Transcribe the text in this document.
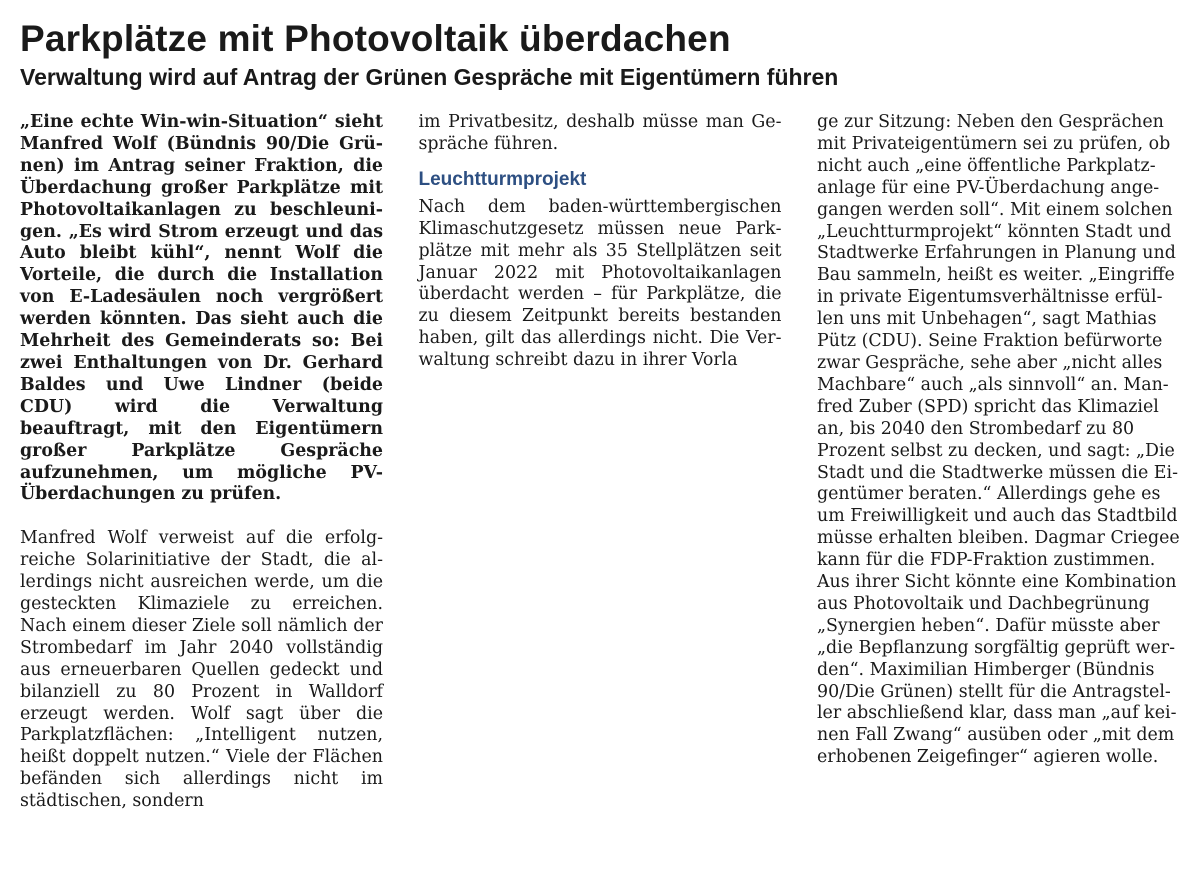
Parkplätze mit Photovoltaik überdachen
Verwaltung wird auf Antrag der Grünen Gespräche mit Eigentümern führen

„Eine echte Win-win-Situation“ sieht Manfred Wolf (Bündnis 90/Die Grünen) im Antrag seiner Fraktion, die Überdachung großer Parkplätze mit Photovoltaikanlagen zu beschleunigen. „Es wird Strom erzeugt und das Auto bleibt kühl“, nennt Wolf die Vorteile, die durch die Installation von E-Ladesäulen noch vergrößert werden könnten. Das sieht auch die Mehrheit des Gemeinderats so: Bei zwei Enthaltungen von Dr. Gerhard Baldes und Uwe Lindner (beide CDU) wird die Verwaltung beauftragt, mit den Eigentümern großer Parkplätze Gespräche aufzunehmen, um mögliche PV-Überdachungen zu prüfen.

Manfred Wolf verweist auf die erfolgreiche Solarinitiative der Stadt, die allerdings nicht ausreichen werde, um die gesteckten Klimaziele zu erreichen. Nach einem dieser Ziele soll nämlich der Strombedarf im Jahr 2040 vollständig aus erneuerbaren Quellen gedeckt und bilanziell zu 80 Prozent in Walldorf erzeugt werden. Wolf sagt über die Parkplatzflächen: „Intelligent nutzen, heißt doppelt nutzen.“ Viele der Flächen befänden sich allerdings nicht im städtischen, sondern

im Privatbesitz, deshalb müsse man Gespräche führen.

Leuchtturmprojekt

Nach dem baden-württembergischen Klimaschutzgesetz müssen neue Parkplätze mit mehr als 35 Stellplätzen seit Januar 2022 mit Photovoltaikanlagen überdacht werden – für Parkplätze, die zu diesem Zeitpunkt bereits bestanden haben, gilt das allerdings nicht. Die Verwaltung schreibt dazu in ihrer Vorla

ge zur Sitzung: Neben den Gesprächen mit Privateigentümern sei zu prüfen, ob nicht auch „eine öffentliche Parkplatzanlage für eine PV-Überdachung angegangen werden soll“. Mit einem solchen „Leuchtturmprojekt“ könnten Stadt und Stadtwerke Erfahrungen in Planung und Bau sammeln, heißt es weiter. „Eingriffe in private Eigentumsverhältnisse erfüllen uns mit Unbehagen“, sagt Mathias Pütz (CDU). Seine Fraktion befürworte zwar Gespräche, sehe aber „nicht alles Machbare“ auch „als sinnvoll“ an. Manfred Zuber (SPD) spricht das Klimaziel an, bis 2040 den Strombedarf zu 80 Prozent selbst zu decken, und sagt: „Die Stadt und die Stadtwerke müssen die Eigentümer beraten.“ Allerdings gehe es um Freiwilligkeit und auch das Stadtbild müsse erhalten bleiben. Dagmar Criegee kann für die FDP-Fraktion zustimmen. Aus ihrer Sicht könnte eine Kombination aus Photovoltaik und Dachbegrünung „Synergien heben“. Dafür müsste aber „die Bepflanzung sorgfältig geprüft werden“. Maximilian Himberger (Bündnis 90/Die Grünen) stellt für die Antragsteller abschließend klar, dass man „auf keinen Fall Zwang“ ausüben oder „mit dem erhobenen Zeigefinger“ agieren wolle.
